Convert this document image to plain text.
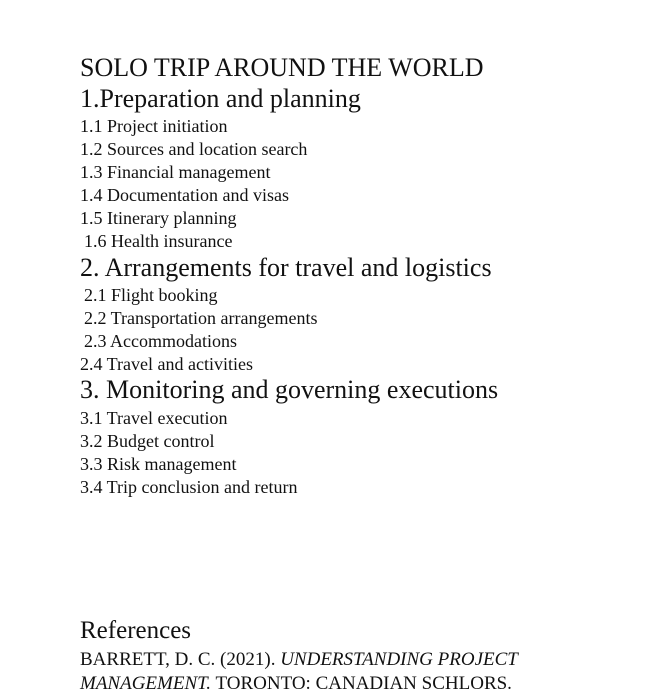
SOLO TRIP AROUND THE WORLD
1.Preparation and planning
1.1 Project initiation
1.2 Sources and location search
1.3 Financial management
1.4 Documentation and visas
1.5 Itinerary planning
1.6 Health insurance
2. Arrangements for travel and logistics
2.1 Flight booking
2.2 Transportation arrangements
2.3 Accommodations
2.4 Travel and activities
3. Monitoring and governing executions
3.1 Travel execution
3.2 Budget control
3.3 Risk management
3.4 Trip conclusion and return
References
BARRETT, D. C. (2021). UNDERSTANDING PROJECT MANAGEMENT. TORONTO: CANADIAN SCHLORS.
